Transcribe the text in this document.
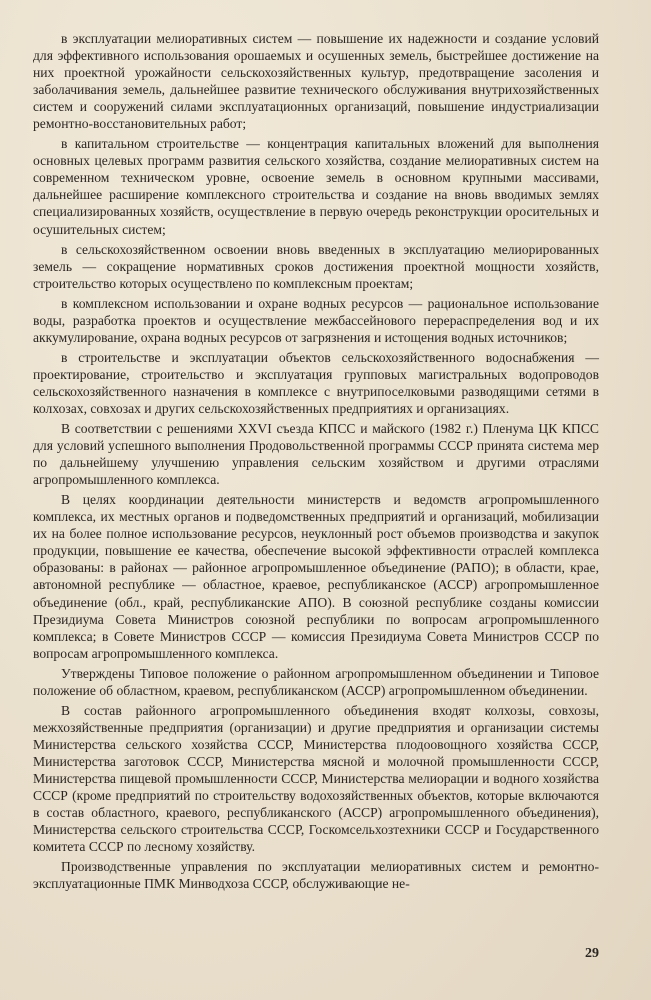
в эксплуатации мелиоративных систем — повышение их надежности и создание условий для эффективного использования орошаемых и осушенных земель, быстрейшее достижение на них проектной урожайности сельскохозяйственных культур, предотвращение засоления и заболачивания земель, дальнейшее развитие технического обслуживания внутрихозяйственных систем и сооружений силами эксплуатационных организаций, повышение индустриализации ремонтно-восстановительных работ;

в капитальном строительстве — концентрация капитальных вложений для выполнения основных целевых программ развития сельского хозяйства, создание мелиоративных систем на современном техническом уровне, освоение земель в основном крупными массивами, дальнейшее расширение комплексного строительства и создание на вновь вводимых землях специализированных хозяйств, осуществление в первую очередь реконструкции оросительных и осушительных систем;

в сельскохозяйственном освоении вновь введенных в эксплуатацию мелиорированных земель — сокращение нормативных сроков достижения проектной мощности хозяйств, строительство которых осуществлено по комплексным проектам;

в комплексном использовании и охране водных ресурсов — рациональное использование воды, разработка проектов и осуществление межбассейнового перераспределения вод и их аккумулирование, охрана водных ресурсов от загрязнения и истощения водных источников;

в строительстве и эксплуатации объектов сельскохозяйственного водоснабжения — проектирование, строительство и эксплуатация групповых магистральных водопроводов сельскохозяйственного назначения в комплексе с внутрипоселковыми разводящими сетями в колхозах, совхозах и других сельскохозяйственных предприятиях и организациях.

В соответствии с решениями XXVI съезда КПСС и майского (1982 г.) Пленума ЦК КПСС для условий успешного выполнения Продовольственной программы СССР принята система мер по дальнейшему улучшению управления сельским хозяйством и другими отраслями агропромышленного комплекса.

В целях координации деятельности министерств и ведомств агропромышленного комплекса, их местных органов и подведомственных предприятий и организаций, мобилизации их на более полное использование ресурсов, неуклонный рост объемов производства и закупок продукции, повышение ее качества, обеспечение высокой эффективности отраслей комплекса образованы: в районах — районное агропромышленное объединение (РАПО); в области, крае, автономной республике — областное, краевое, республиканское (АССР) агропромышленное объединение (обл., край, республиканские АПО). В союзной республике созданы комиссии Президиума Совета Министров союзной республики по вопросам агропромышленного комплекса; в Совете Министров СССР — комиссия Президиума Совета Министров СССР по вопросам агропромышленного комплекса.

Утверждены Типовое положение о районном агропромышленном объединении и Типовое положение об областном, краевом, республиканском (АССР) агропромышленном объединении.

В состав районного агропромышленного объединения входят колхозы, совхозы, межхозяйственные предприятия (организации) и другие предприятия и организации системы Министерства сельского хозяйства СССР, Министерства плодоовощного хозяйства СССР, Министерства заготовок СССР, Министерства мясной и молочной промышленности СССР, Министерства пищевой промышленности СССР, Министерства мелиорации и водного хозяйства СССР (кроме предприятий по строительству водохозяйственных объектов, которые включаются в состав областного, краевого, республиканского (АССР) агропромышленного объединения), Министерства сельского строительства СССР, Госкомсельхозтехники СССР и Государственного комитета СССР по лесному хозяйству.

Производственные управления по эксплуатации мелиоративных систем и ремонтно-эксплуатационные ПМК Минводхоза СССР, обслуживающие не-

29
